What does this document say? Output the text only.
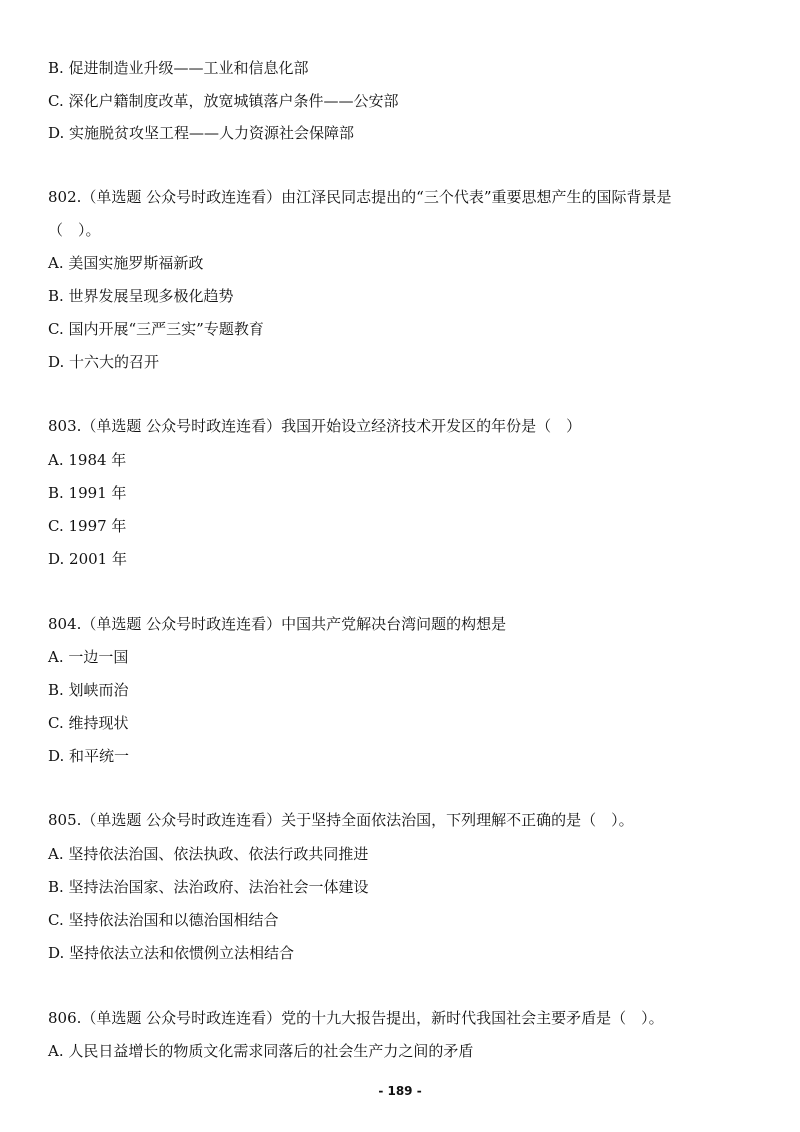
B. 促进制造业升级——工业和信息化部
C. 深化户籍制度改革，放宽城镇落户条件——公安部
D. 实施脱贫攻坚工程——人力资源社会保障部
802.（单选题 公众号时政连连看）由江泽民同志提出的“三个代表”重要思想产生的国际背景是
（　）。
A. 美国实施罗斯福新政
B. 世界发展呈现多极化趋势
C. 国内开展“三严三实”专题教育
D. 十六大的召开
803.（单选题 公众号时政连连看）我国开始设立经济技术开发区的年份是（　）
A. 1984 年
B. 1991 年
C. 1997 年
D. 2001 年
804.（单选题 公众号时政连连看）中国共产党解决台湾问题的构想是
A. 一边一国
B. 划峡而治
C. 维持现状
D. 和平统一
805.（单选题 公众号时政连连看）关于坚持全面依法治国，下列理解不正确的是（　）。
A. 坚持依法治国、依法执政、依法行政共同推进
B. 坚持法治国家、法治政府、法治社会一体建设
C. 坚持依法治国和以德治国相结合
D. 坚持依法立法和依惯例立法相结合
806.（单选题 公众号时政连连看）党的十九大报告提出，新时代我国社会主要矛盾是（　）。
A. 人民日益增长的物质文化需求同落后的社会生产力之间的矛盾
- 189 -
